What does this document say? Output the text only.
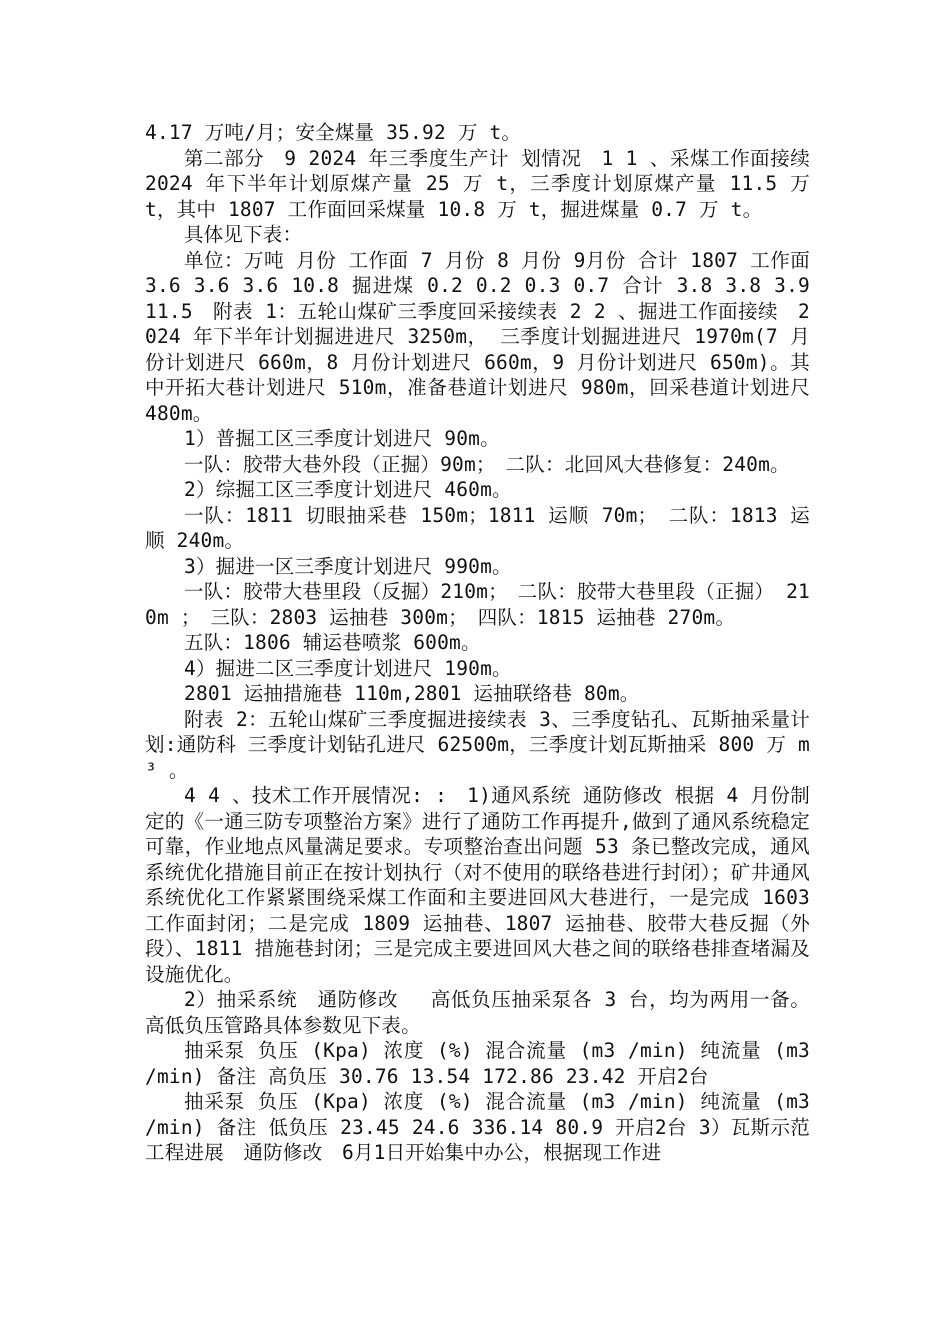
4.17 万吨/月；安全煤量 35.92 万 t。

第二部分　9 2024 年三季度生产计 划情况　1 1 、采煤工作面接续　2024 年下半年计划原煤产量 25 万 t，三季度计划原煤产量 11.5 万 t，其中 1807 工作面回采煤量 10.8 万 t，掘进煤量 0.7 万 t。

具体见下表：

单位：万吨 月份 工作面 7 月份 8 月份 9月份 合计 1807 工作面 3.6 3.6 3.6 10.8 掘进煤 0.2 0.2 0.3 0.7 合计 3.8 3.8 3.9 11.5　附表 1：五轮山煤矿三季度回采接续表 2 2 、掘进工作面接续　2024 年下半年计划掘进进尺 3250m， 三季度计划掘进进尺 1970m(7 月份计划进尺 660m，8 月份计划进尺 660m，9 月份计划进尺 650m)。其中开拓大巷计划进尺 510m，准备巷道计划进尺 980m，回采巷道计划进尺 480m。

1）普掘工区三季度计划进尺 90m。

一队：胶带大巷外段（正掘）90m；　二队：北回风大巷修复：240m。

2）综掘工区三季度计划进尺 460m。

一队：1811 切眼抽采巷 150m；1811 运顺 70m；　二队：1813 运顺 240m。

3）掘进一区三季度计划进尺 990m。

一队：胶带大巷里段（反掘）210m；　二队：胶带大巷里段（正掘） 210m ；　三队：2803 运抽巷 300m；　四队：1815 运抽巷 270m。

五队：1806 辅运巷喷浆 600m。

4）掘进二区三季度计划进尺 190m。

2801 运抽措施巷 110m,2801 运抽联络巷 80m。

附表 2：五轮山煤矿三季度掘进接续表 3、三季度钻孔、瓦斯抽采量计划:通防科 三季度计划钻孔进尺 62500m，三季度计划瓦斯抽采 800 万 m³ 。

4 4 、技术工作开展情况: :　1)通风系统 通防修改 根据 4 月份制定的《一通三防专项整治方案》进行了通防工作再提升,做到了通风系统稳定可靠，作业地点风量满足要求。专项整治查出问题 53 条已整改完成，通风系统优化措施目前正在按计划执行（对不使用的联络巷进行封闭）；矿井通风系统优化工作紧紧围绕采煤工作面和主要进回风大巷进行，一是完成 1603 工作面封闭；二是完成 1809 运抽巷、1807 运抽巷、胶带大巷反掘（外段）、1811 措施巷封闭；三是完成主要进回风大巷之间的联络巷排查堵漏及设施优化。

2）抽采系统　通防修改　 高低负压抽采泵各 3 台，均为两用一备。高低负压管路具体参数见下表。

抽采泵 负压 (Kpa) 浓度 (%) 混合流量 (m3 /min) 纯流量 (m3 /min) 备注 高负压 30.76 13.54 172.86 23.42 开启2台

抽采泵 负压 (Kpa) 浓度 (%) 混合流量 (m3 /min) 纯流量 (m3 /min) 备注 低负压 23.45 24.6 336.14 80.9 开启2台 3）瓦斯示范工程进展　通防修改　6月1日开始集中办公，根据现工作进
